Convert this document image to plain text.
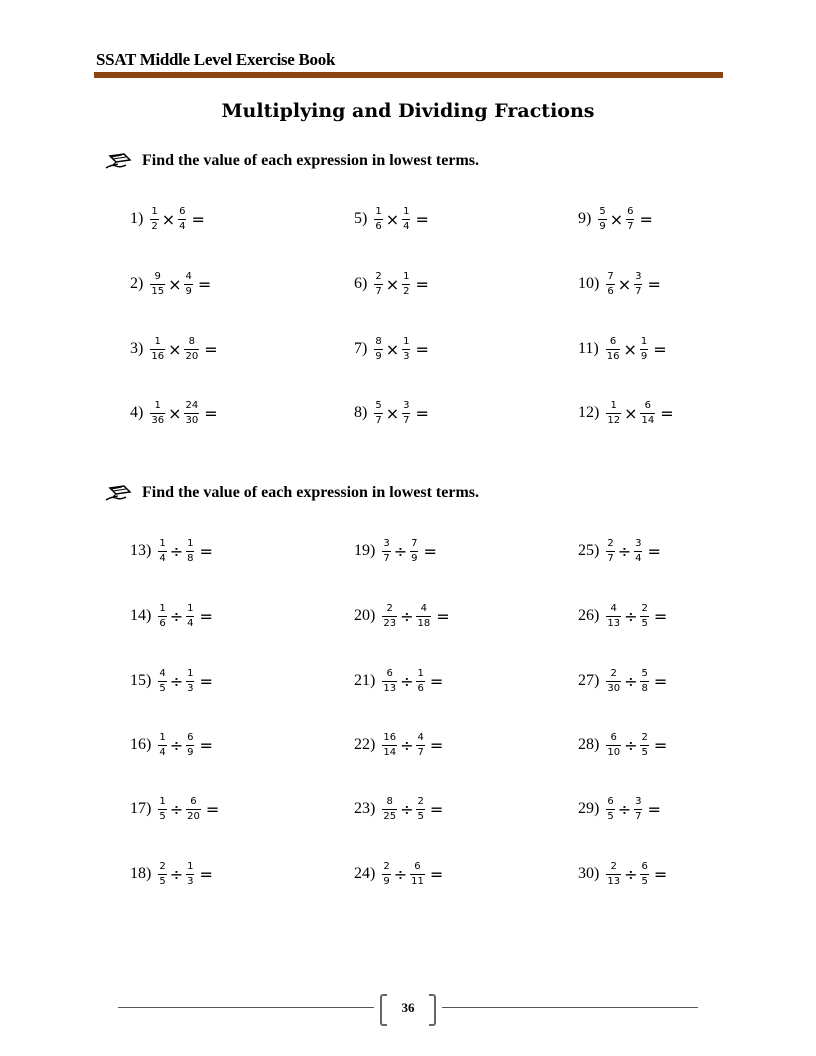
SSAT Middle Level Exercise Book
Multiplying and Dividing Fractions
Find the value of each expression in lowest terms.
Find the value of each expression in lowest terms.
$1) \frac{1}{2} \times \frac{6}{4}$ =
$2) \frac{9}{15} \times \frac{4}{9}$ =
$3) \frac{1}{16} \times \frac{8}{20}$ =
$4) \frac{1}{36} \times \frac{24}{30}$ =
$5) \frac{1}{6} \times \frac{1}{4}$ =
$6) \frac{2}{7} \times \frac{1}{2}$ =
$7) \frac{8}{9} \times \frac{1}{3}$ =
$8) \frac{5}{7} \times \frac{3}{7}$ =
$9) \frac{5}{9} \times \frac{6}{7}$ =
$10) \frac{7}{6} \times \frac{3}{7}$ =
$11) \frac{6}{16} \times \frac{1}{9}$ =
$12) \frac{1}{12} \times \frac{6}{14}$ =
$13) \frac{1}{4} \div \frac{1}{8}$ =
$14) \frac{1}{6} \div \frac{1}{4}$ =
$15) \frac{4}{5} \div \frac{1}{3}$ =
$16) \frac{1}{4} \div \frac{6}{9}$ =
$17) \frac{1}{5} \div \frac{6}{20}$ =
$18) \frac{2}{5} \div \frac{1}{3}$ =
$19) \frac{3}{7} \div \frac{7}{9}$ =
$20) \frac{2}{23} \div \frac{4}{18}$ =
$21) \frac{6}{13} \div \frac{1}{6}$ =
$22) \frac{16}{14} \div \frac{4}{7}$ =
$23) \frac{8}{25} \div \frac{2}{5}$ =
$24) \frac{2}{9} \div \frac{6}{11}$ =
$25) \frac{2}{7} \div \frac{3}{4}$ =
$26) \frac{4}{13} \div \frac{2}{5}$ =
$27) \frac{2}{30} \div \frac{5}{8}$ =
$28) \frac{6}{10} \div \frac{2}{5}$ =
$29) \frac{6}{5} \div \frac{3}{7}$ =
$30) \frac{2}{13} \div \frac{6}{5}$ =
36
